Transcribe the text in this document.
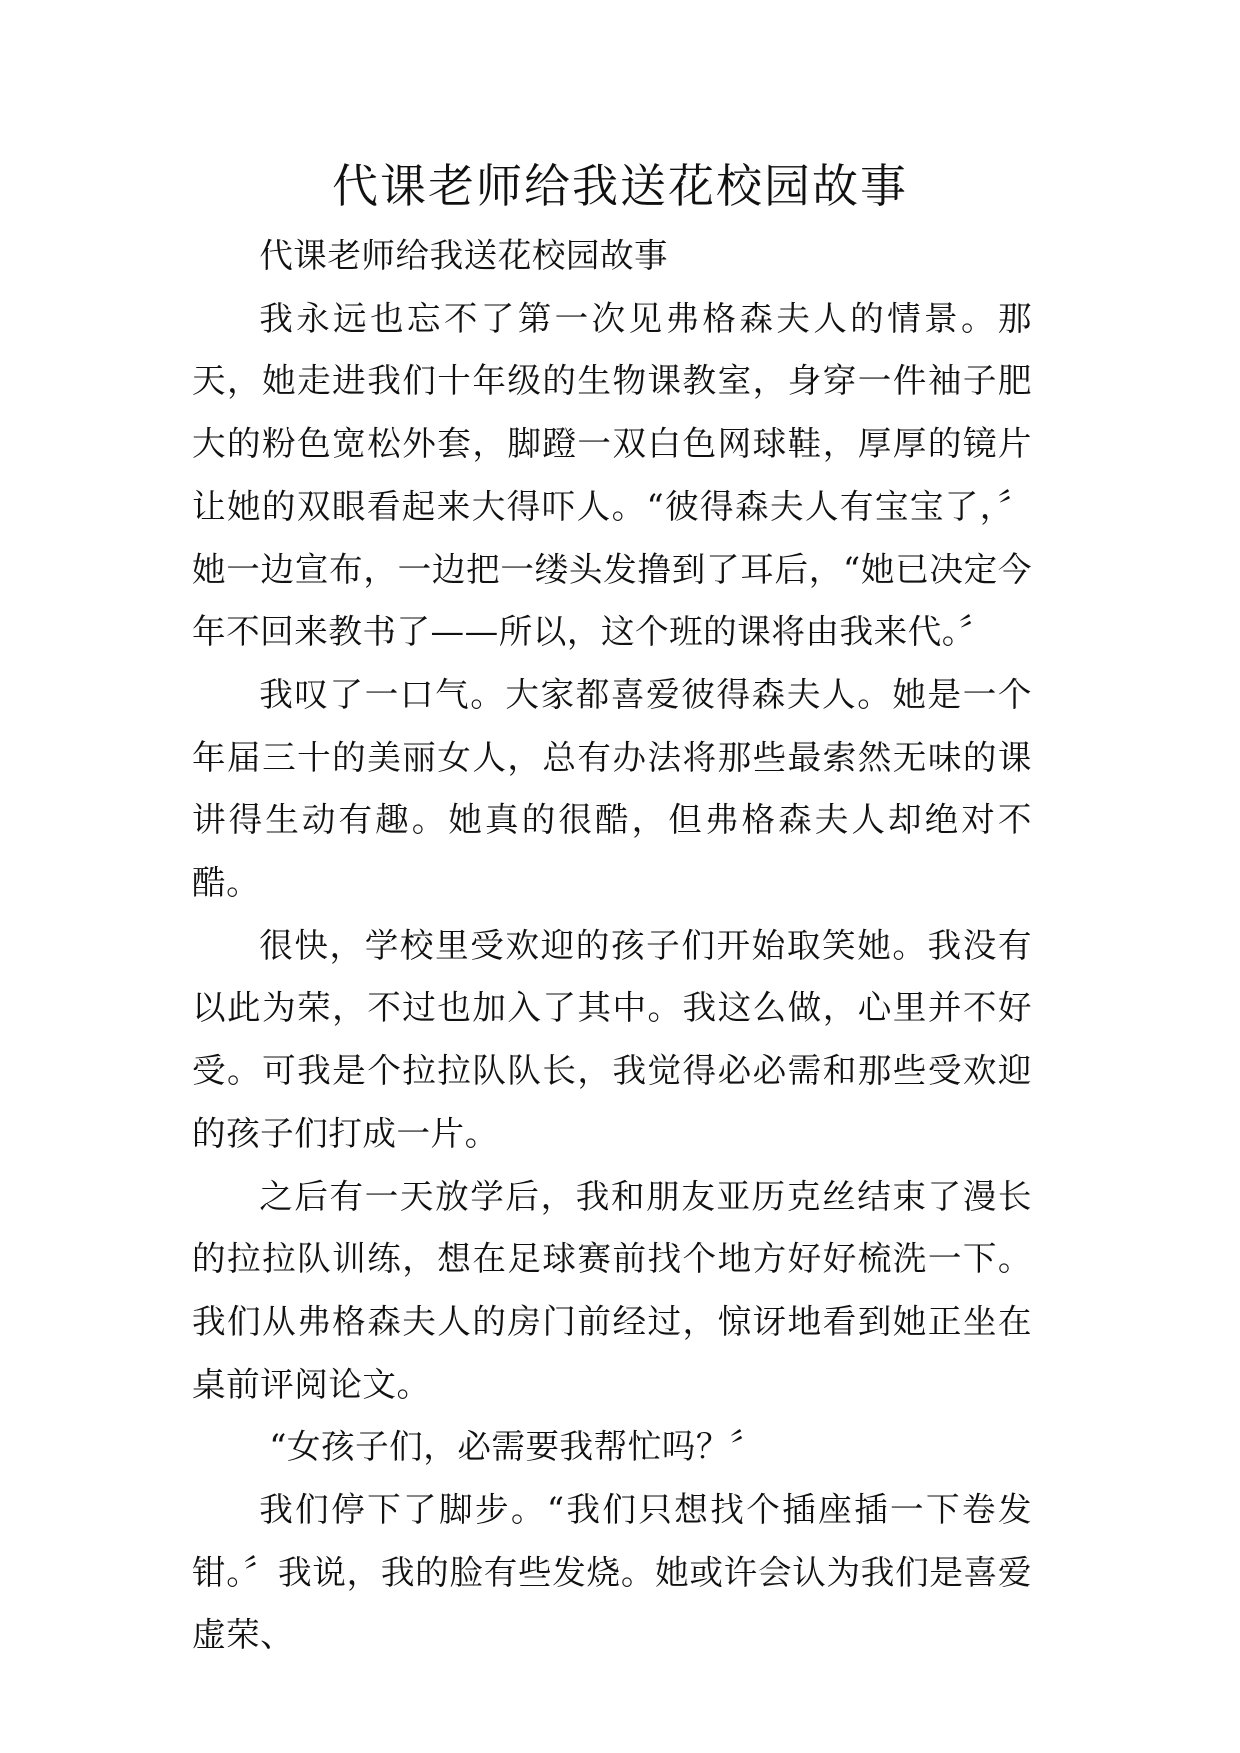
代课老师给我送花校园故事

代课老师给我送花校园故事

我永远也忘不了第一次见弗格森夫人的情景。那天，她走进我们十年级的生物课教室，身穿一件袖子肥大的粉色宽松外套，脚蹬一双白色网球鞋，厚厚的镜片让她的双眼看起来大得吓人。“彼得森夫人有宝宝了，〞她一边宣布，一边把一缕头发撸到了耳后，“她已决定今年不回来教书了——所以，这个班的课将由我来代。〞

我叹了一口气。大家都喜爱彼得森夫人。她是一个年届三十的美丽女人，总有办法将那些最索然无味的课讲得生动有趣。她真的很酷，但弗格森夫人却绝对不酷。

很快，学校里受欢迎的孩子们开始取笑她。我没有以此为荣，不过也加入了其中。我这么做，心里并不好受。可我是个拉拉队队长，我觉得必必需和那些受欢迎的孩子们打成一片。

之后有一天放学后，我和朋友亚历克丝结束了漫长的拉拉队训练，想在足球赛前找个地方好好梳洗一下。我们从弗格森夫人的房门前经过，惊讶地看到她正坐在桌前评阅论文。

“女孩子们，必需要我帮忙吗？〞

我们停下了脚步。“我们只想找个插座插一下卷发钳。〞我说，我的脸有些发烧。她或许会认为我们是喜爱虚荣、
